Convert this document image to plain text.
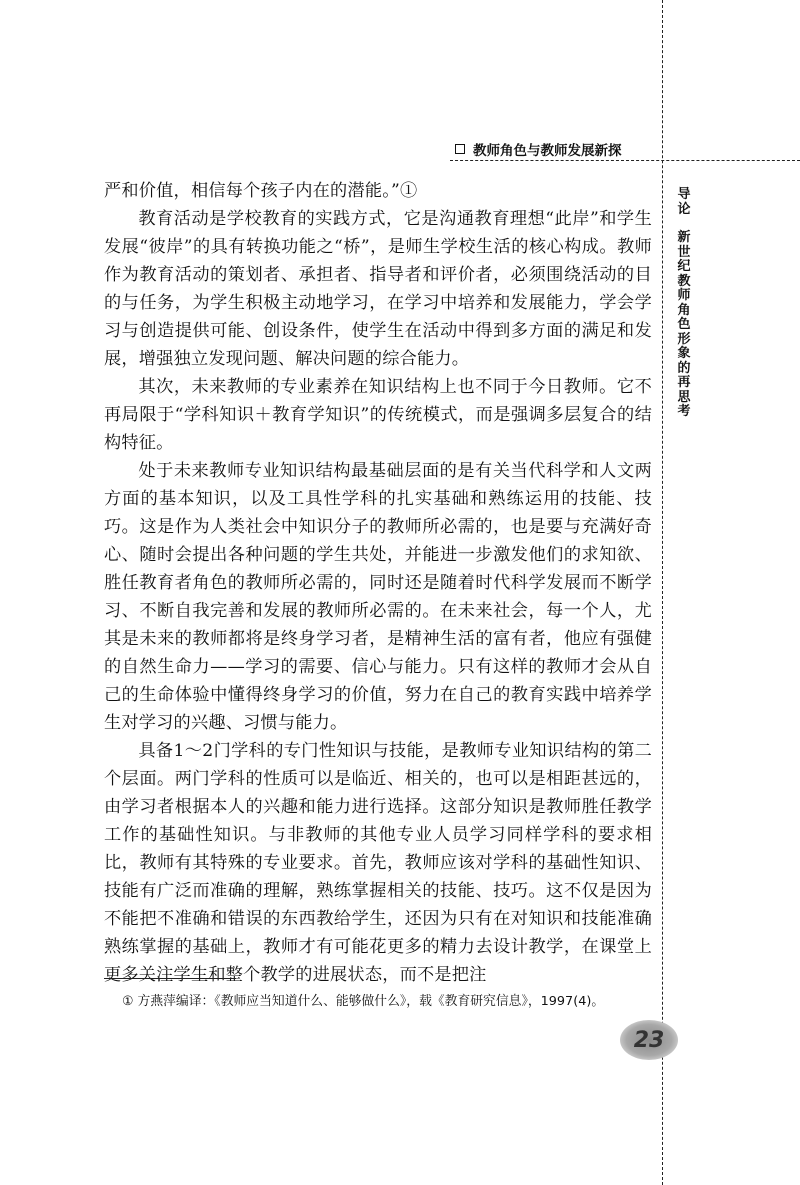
教师角色与教师发展新探
导论
新世纪教师角色形象的再思考

严和价值，相信每个孩子内在的潜能。”①

教育活动是学校教育的实践方式，它是沟通教育理想“此岸”和学生发展“彼岸”的具有转换功能之“桥”，是师生学校生活的核心构成。教师作为教育活动的策划者、承担者、指导者和评价者，必须围绕活动的目的与任务，为学生积极主动地学习，在学习中培养和发展能力，学会学习与创造提供可能、创设条件，使学生在活动中得到多方面的满足和发展，增强独立发现问题、解决问题的综合能力。

其次，未来教师的专业素养在知识结构上也不同于今日教师。它不再局限于“学科知识＋教育学知识”的传统模式，而是强调多层复合的结构特征。

处于未来教师专业知识结构最基础层面的是有关当代科学和人文两方面的基本知识，以及工具性学科的扎实基础和熟练运用的技能、技巧。这是作为人类社会中知识分子的教师所必需的，也是要与充满好奇心、随时会提出各种问题的学生共处，并能进一步激发他们的求知欲、胜任教育者角色的教师所必需的，同时还是随着时代科学发展而不断学习、不断自我完善和发展的教师所必需的。在未来社会，每一个人，尤其是未来的教师都将是终身学习者，是精神生活的富有者，他应有强健的自然生命力——学习的需要、信心与能力。只有这样的教师才会从自己的生命体验中懂得终身学习的价值，努力在自己的教育实践中培养学生对学习的兴趣、习惯与能力。

具备1～2门学科的专门性知识与技能，是教师专业知识结构的第二个层面。两门学科的性质可以是临近、相关的，也可以是相距甚远的，由学习者根据本人的兴趣和能力进行选择。这部分知识是教师胜任教学工作的基础性知识。与非教师的其他专业人员学习同样学科的要求相比，教师有其特殊的专业要求。首先，教师应该对学科的基础性知识、技能有广泛而准确的理解，熟练掌握相关的技能、技巧。这不仅是因为不能把不准确和错误的东西教给学生，还因为只有在对知识和技能准确熟练掌握的基础上，教师才有可能花更多的精力去设计教学，在课堂上更多关注学生和整个教学的进展状态，而不是把注

① 方燕萍编译：《教师应当知道什么、能够做什么》，载《教育研究信息》，1997(4)。
23
